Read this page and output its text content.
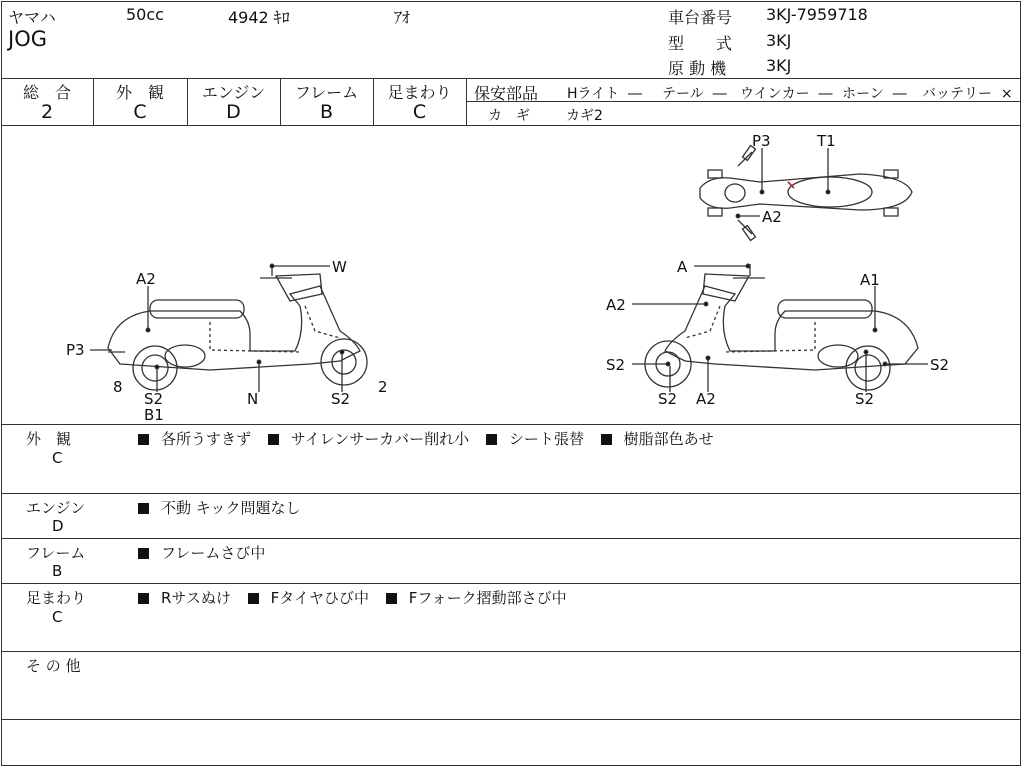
ヤマハ	50cc	4942 ｷﾛ	ｱｵ
JOG
車台番号 3KJ-7959718
型　　式 3KJ
原 動 機 3KJ
総　合
2
外　観
C
エンジン
D
フレーム
B
足まわり
C
保安部品 Hライト ― テール ― ウインカー ― ホーン ― バッテリー ×
カ　ギ	カギ2
P3	T1
A2
W
A2
P3
8
S2
B1
N	S2
2
A
A1
A2
S2	S2
S2 A2	S2
外　観
C
各所うすきず	サイレンサーカバー削れ小	シート張替	樹脂部色あせ
エンジン
D
不動 キック問題なし
フレーム
B
フレームさび中
足まわり
C
Rサスぬけ	Fタイヤひび中	Fフォーク摺動部さび中
そ の 他
